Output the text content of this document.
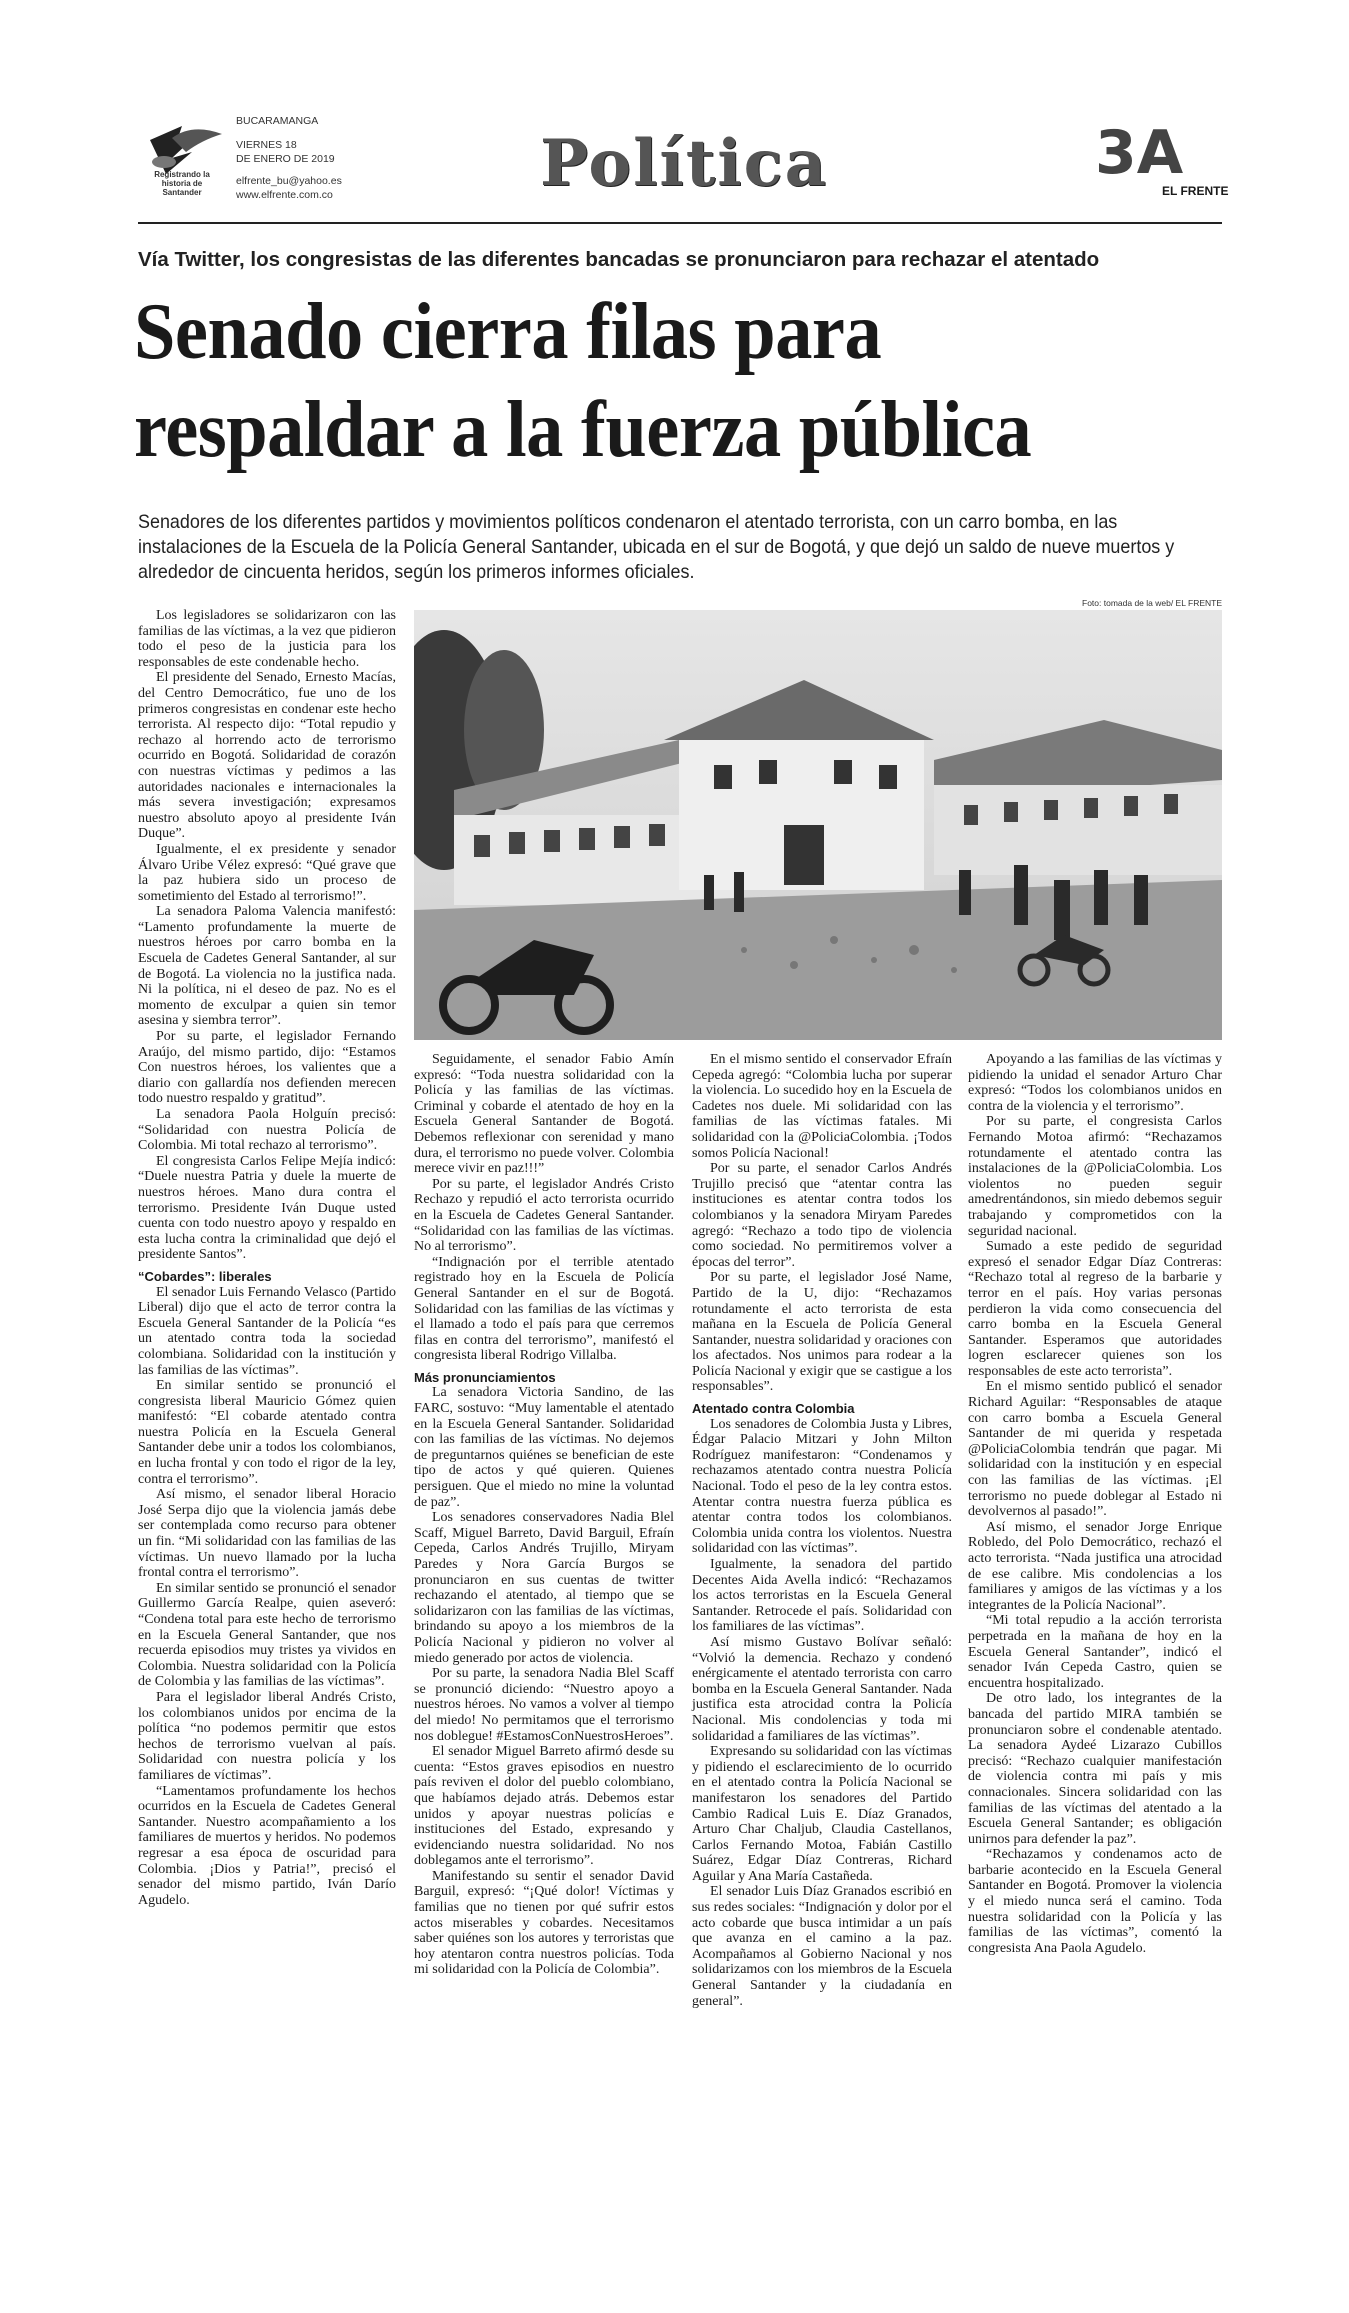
Registrando la historia de Santander
BUCARAMANGA
VIERNES 18
DE ENERO DE 2019
elfrente_bu@yahoo.es
www.elfrente.com.co	Política	3A
EL FRENTE
Vía Twitter, los congresistas de las diferentes bancadas se pronunciaron para rechazar el atentado
Senado cierra filas para
respaldar a la fuerza pública
Senadores de los diferentes partidos y movimientos políticos condenaron el atentado terrorista, con un carro bomba, en las instalaciones de la Escuela de la Policía General Santander, ubicada en el sur de Bogotá, y que dejó un saldo de nueve muertos y alrededor de cincuenta heridos, según los primeros informes oficiales.
Foto: tomada de la web/ EL FRENTE

Los legisladores se solidarizaron con las familias de las víctimas, a la vez que pidieron todo el peso de la justicia para los responsables de este condenable hecho.

El presidente del Senado, Ernesto Macías, del Centro Democrático, fue uno de los primeros congresistas en condenar este hecho terrorista. Al respecto dijo: “Total repudio y rechazo al horrendo acto de terrorismo ocurrido en Bogotá. Solidaridad de corazón con nuestras víctimas y pedimos a las autoridades nacionales e internacionales la más severa investigación; expresamos nuestro absoluto apoyo al presidente Iván Duque”.

Igualmente, el ex presidente y senador Álvaro Uribe Vélez expresó: “Qué grave que la paz hubiera sido un proceso de sometimiento del Estado al terrorismo!”.

La senadora Paloma Valencia manifestó: “Lamento profundamente la muerte de nuestros héroes por carro bomba en la Escuela de Cadetes General Santander, al sur de Bogotá. La violencia no la justifica nada. Ni la política, ni el deseo de paz. No es el momento de exculpar a quien sin temor asesina y siembra terror”.

Por su parte, el legislador Fernando Araújo, del mismo partido, dijo: “Estamos Con nuestros héroes, los valientes que a diario con gallardía nos defienden merecen todo nuestro respaldo y gratitud”.

La senadora Paola Holguín precisó: “Solidaridad con nuestra Policía de Colombia. Mi total rechazo al terrorismo”.

El congresista Carlos Felipe Mejía indicó: “Duele nuestra Patria y duele la muerte de nuestros héroes. Mano dura contra el terrorismo. Presidente Iván Duque usted cuenta con todo nuestro apoyo y respaldo en esta lucha contra la criminalidad que dejó el presidente Santos”.

“Cobardes”: liberales

El senador Luis Fernando Velasco (Partido Liberal) dijo que el acto de terror contra la Escuela General Santander de la Policía “es un atentado contra toda la sociedad colombiana. Solidaridad con la institución y las familias de las víctimas”.

En similar sentido se pronunció el congresista liberal Mauricio Gómez quien manifestó: “El cobarde atentado contra nuestra Policía en la Escuela General Santander debe unir a todos los colombianos, en lucha frontal y con todo el rigor de la ley, contra el terrorismo”.

Así mismo, el senador liberal Horacio José Serpa dijo que la violencia jamás debe ser contemplada como recurso para obtener un fin. “Mi solidaridad con las familias de las víctimas. Un nuevo llamado por la lucha frontal contra el terrorismo”.

En similar sentido se pronunció el senador Guillermo García Realpe, quien aseveró: “Condena total para este hecho de terrorismo en la Escuela General Santander, que nos recuerda episodios muy tristes ya vividos en Colombia. Nuestra solidaridad con la Policía de Colombia y las familias de las víctimas”.

Para el legislador liberal Andrés Cristo, los colombianos unidos por encima de la política “no podemos permitir que estos hechos de terrorismo vuelvan al país. Solidaridad con nuestra policía y los familiares de víctimas”.

“Lamentamos profundamente los hechos ocurridos en la Escuela de Cadetes General Santander. Nuestro acompañamiento a los familiares de muertos y heridos. No podemos regresar a esa época de oscuridad para Colombia. ¡Dios y Patria!”, precisó el senador del mismo partido, Iván Darío Agudelo.

Seguidamente, el senador Fabio Amín expresó: “Toda nuestra solidaridad con la Policía y las familias de las víctimas. Criminal y cobarde el atentado de hoy en la Escuela General Santander de Bogotá. Debemos reflexionar con serenidad y mano dura, el terrorismo no puede volver. Colombia merece vivir en paz!!!”

Por su parte, el legislador Andrés Cristo Rechazo y repudió el acto terrorista ocurrido en la Escuela de Cadetes General Santander. “Solidaridad con las familias de las víctimas. No al terrorismo”.

“Indignación por el terrible atentado registrado hoy en la Escuela de Policía General Santander en el sur de Bogotá. Solidaridad con las familias de las víctimas y el llamado a todo el país para que cerremos filas en contra del terrorismo”, manifestó el congresista liberal Rodrigo Villalba.

Más pronunciamientos

La senadora Victoria Sandino, de las FARC, sostuvo: “Muy lamentable el atentado en la Escuela General Santander. Solidaridad con las familias de las víctimas. No dejemos de preguntarnos quiénes se benefician de este tipo de actos y qué quieren. Quienes persiguen. Que el miedo no mine la voluntad de paz”.

Los senadores conservadores Nadia Blel Scaff, Miguel Barreto, David Barguil, Efraín Cepeda, Carlos Andrés Trujillo, Miryam Paredes y Nora García Burgos se pronunciaron en sus cuentas de twitter rechazando el atentado, al tiempo que se solidarizaron con las familias de las víctimas, brindando su apoyo a los miembros de la Policía Nacional y pidieron no volver al miedo generado por actos de violencia.

Por su parte, la senadora Nadia Blel Scaff se pronunció diciendo: “Nuestro apoyo a nuestros héroes. No vamos a volver al tiempo del miedo! No permitamos que el terrorismo nos doblegue! #EstamosConNuestrosHeroes”.

El senador Miguel Barreto afirmó desde su cuenta: “Estos graves episodios en nuestro país reviven el dolor del pueblo colombiano, que habíamos dejado atrás. Debemos estar unidos y apoyar nuestras policías e instituciones del Estado, expresando y evidenciando nuestra solidaridad. No nos doblegamos ante el terrorismo”.

Manifestando su sentir el senador David Barguil, expresó: “¡Qué dolor! Víctimas y familias que no tienen por qué sufrir estos actos miserables y cobardes. Necesitamos saber quiénes son los autores y terroristas que hoy atentaron contra nuestros policías. Toda mi solidaridad con la Policía de Colombia”.

En el mismo sentido el conservador Efraín Cepeda agregó: “Colombia lucha por superar la violencia. Lo sucedido hoy en la Escuela de Cadetes nos duele. Mi solidaridad con las familias de las víctimas fatales. Mi solidaridad con la @PoliciaColombia. ¡Todos somos Policía Nacional!

Por su parte, el senador Carlos Andrés Trujillo precisó que “atentar contra las instituciones es atentar contra todos los colombianos y la senadora Miryam Paredes agregó: “Rechazo a todo tipo de violencia como sociedad. No permitiremos volver a épocas del terror”.

Por su parte, el legislador José Name, Partido de la U, dijo: “Rechazamos rotundamente el acto terrorista de esta mañana en la Escuela de Policía General Santander, nuestra solidaridad y oraciones con los afectados. Nos unimos para rodear a la Policía Nacional y exigir que se castigue a los responsables”.

Atentado contra Colombia

Los senadores de Colombia Justa y Libres, Édgar Palacio Mitzari y John Milton Rodríguez manifestaron: “Condenamos y rechazamos atentado contra nuestra Policía Nacional. Todo el peso de la ley contra estos. Atentar contra nuestra fuerza pública es atentar contra todos los colombianos. Colombia unida contra los violentos. Nuestra solidaridad con las víctimas”.

Igualmente, la senadora del partido Decentes Aida Avella indicó: “Rechazamos los actos terroristas en la Escuela General Santander. Retrocede el país. Solidaridad con los familiares de las víctimas”.

Así mismo Gustavo Bolívar señaló: “Volvió la demencia. Rechazo y condenó enérgicamente el atentado terrorista con carro bomba en la Escuela General Santander. Nada justifica esta atrocidad contra la Policía Nacional. Mis condolencias y toda mi solidaridad a familiares de las víctimas”.

Expresando su solidaridad con las víctimas y pidiendo el esclarecimiento de lo ocurrido en el atentado contra la Policía Nacional se manifestaron los senadores del Partido Cambio Radical Luis E. Díaz Granados, Arturo Char Chaljub, Claudia Castellanos, Carlos Fernando Motoa, Fabián Castillo Suárez, Edgar Díaz Contreras, Richard Aguilar y Ana María Castañeda.

El senador Luis Díaz Granados escribió en sus redes sociales: “Indignación y dolor por el acto cobarde que busca intimidar a un país que avanza en el camino a la paz. Acompañamos al Gobierno Nacional y nos solidarizamos con los miembros de la Escuela General Santander y la ciudadanía en general”.

Apoyando a las familias de las víctimas y pidiendo la unidad el senador Arturo Char expresó: “Todos los colombianos unidos en contra de la violencia y el terrorismo”.

Por su parte, el congresista Carlos Fernando Motoa afirmó: “Rechazamos rotundamente el atentado contra las instalaciones de la @PoliciaColombia. Los violentos no pueden seguir amedrentándonos, sin miedo debemos seguir trabajando y comprometidos con la seguridad nacional.

Sumado a este pedido de seguridad expresó el senador Edgar Díaz Contreras: “Rechazo total al regreso de la barbarie y terror en el país. Hoy varias personas perdieron la vida como consecuencia del carro bomba en la Escuela General Santander. Esperamos que autoridades logren esclarecer quienes son los responsables de este acto terrorista”.

En el mismo sentido publicó el senador Richard Aguilar: “Responsables de ataque con carro bomba a Escuela General Santander de mi querida y respetada @PoliciaColombia tendrán que pagar. Mi solidaridad con la institución y en especial con las familias de las víctimas. ¡El terrorismo no puede doblegar al Estado ni devolvernos al pasado!”.

Así mismo, el senador Jorge Enrique Robledo, del Polo Democrático, rechazó el acto terrorista. “Nada justifica una atrocidad de ese calibre. Mis condolencias a los familiares y amigos de las víctimas y a los integrantes de la Policía Nacional”.

“Mi total repudio a la acción terrorista perpetrada en la mañana de hoy en la Escuela General Santander”, indicó el senador Iván Cepeda Castro, quien se encuentra hospitalizado.

De otro lado, los integrantes de la bancada del partido MIRA también se pronunciaron sobre el condenable atentado. La senadora Aydeé Lizarazo Cubillos precisó: “Rechazo cualquier manifestación de violencia contra mi país y mis connacionales. Sincera solidaridad con las familias de las víctimas del atentado a la Escuela General Santander; es obligación unirnos para defender la paz”.

“Rechazamos y condenamos acto de barbarie acontecido en la Escuela General Santander en Bogotá. Promover la violencia y el miedo nunca será el camino. Toda nuestra solidaridad con la Policía y las familias de las víctimas”, comentó la congresista Ana Paola Agudelo.
